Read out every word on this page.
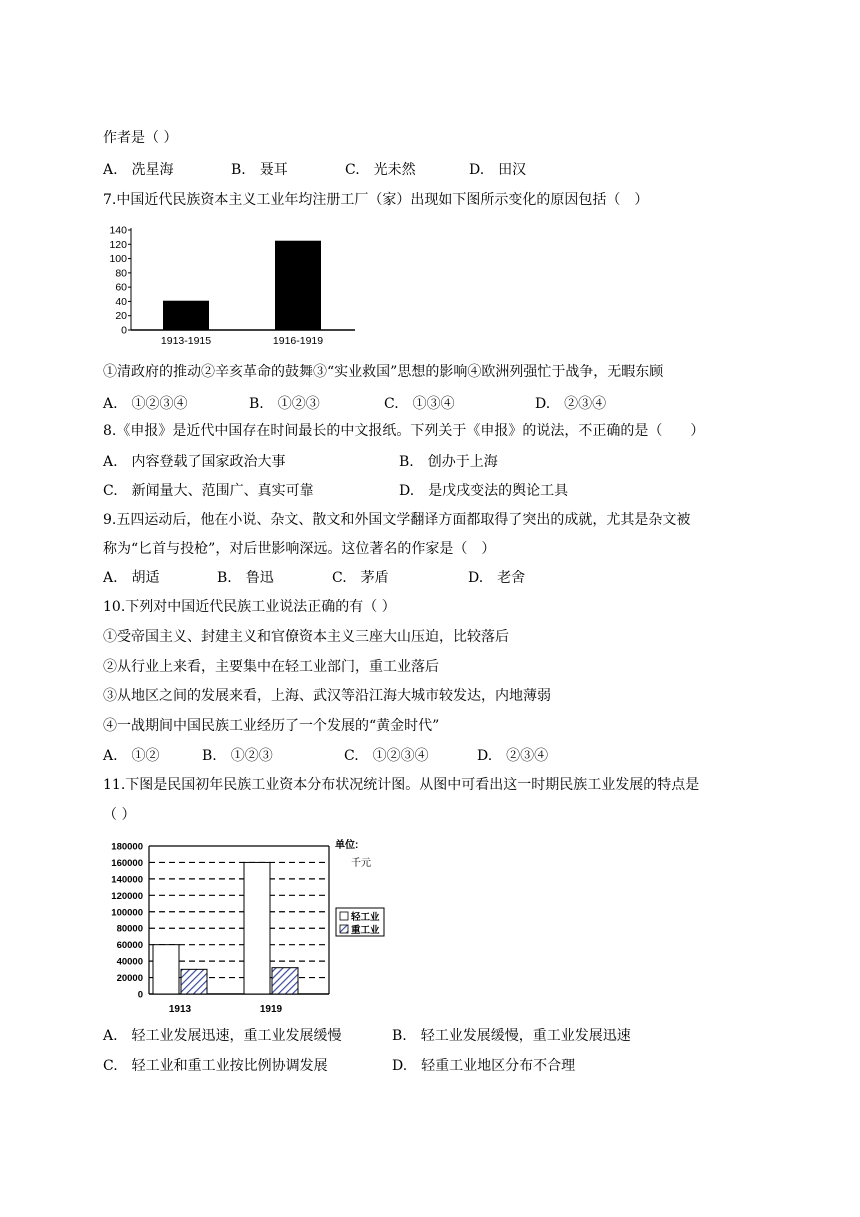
作者是（ ）
A.　冼星海	B.　聂耳	C.　光未然	D.　田汉
7.中国近代民族资本主义工业年均注册工厂（家）出现如下图所示变化的原因包括（　）
0
20
40
60
80
100
120
140
1913-1915	1916-1919
①清政府的推动②辛亥革命的鼓舞③“实业救国”思想的影响④欧洲列强忙于战争，无暇东顾
A.　①②③④	B.　①②③	C.　①③④	D.　②③④
8.《申报》是近代中国存在时间最长的中文报纸。下列关于《申报》的说法，不正确的是（　　）
A.　内容登载了国家政治大事	B.　创办于上海
C.　新闻量大、范围广、真实可靠	D.　是戊戌变法的舆论工具
9.五四运动后，他在小说、杂文、散文和外国文学翻译方面都取得了突出的成就，尤其是杂文被
称为“匕首与投枪”，对后世影响深远。这位著名的作家是（　）
A.　胡适	B.　鲁迅	C.　茅盾	D.　老舍
10.下列对中国近代民族工业说法正确的有（ ）
①受帝国主义、封建主义和官僚资本主义三座大山压迫，比较落后
②从行业上来看，主要集中在轻工业部门，重工业落后
③从地区之间的发展来看，上海、武汉等沿江海大城市较发达，内地薄弱
④一战期间中国民族工业经历了一个发展的“黄金时代”
A.　①②	B.　①②③	C.　①②③④	D.　②③④
11.下图是民国初年民族工业资本分布状况统计图。从图中可看出这一时期民族工业发展的特点是
（ ）
0
20000
40000
60000
80000
100000
120000
140000
160000
180000
1913	1919
单位:
千元
轻工业
重工业
A.　轻工业发展迅速，重工业发展缓慢	B.　轻工业发展缓慢，重工业发展迅速
C.　轻工业和重工业按比例协调发展	D.　轻重工业地区分布不合理
